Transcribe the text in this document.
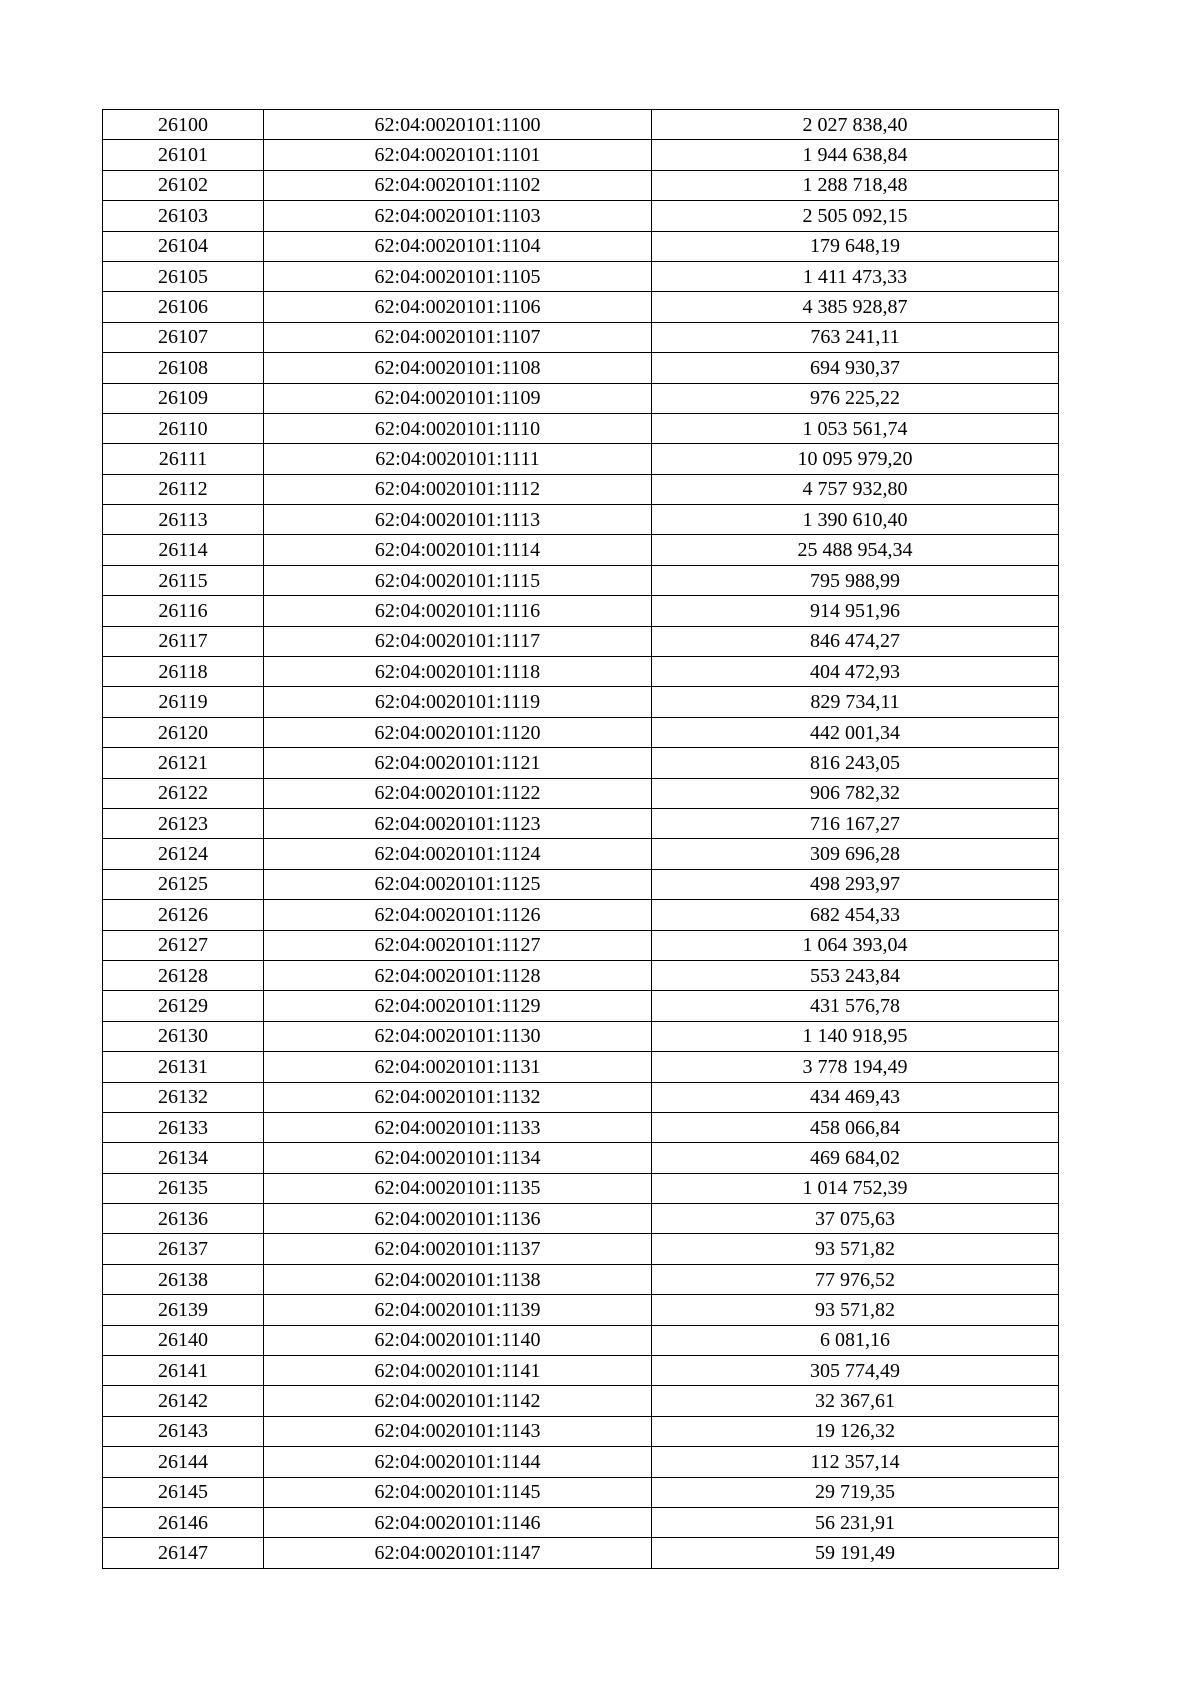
26100	62:04:0020101:1100	2 027 838,40
26101	62:04:0020101:1101	1 944 638,84
26102	62:04:0020101:1102	1 288 718,48
26103	62:04:0020101:1103	2 505 092,15
26104	62:04:0020101:1104	179 648,19
26105	62:04:0020101:1105	1 411 473,33
26106	62:04:0020101:1106	4 385 928,87
26107	62:04:0020101:1107	763 241,11
26108	62:04:0020101:1108	694 930,37
26109	62:04:0020101:1109	976 225,22
26110	62:04:0020101:1110	1 053 561,74
26111	62:04:0020101:1111	10 095 979,20
26112	62:04:0020101:1112	4 757 932,80
26113	62:04:0020101:1113	1 390 610,40
26114	62:04:0020101:1114	25 488 954,34
26115	62:04:0020101:1115	795 988,99
26116	62:04:0020101:1116	914 951,96
26117	62:04:0020101:1117	846 474,27
26118	62:04:0020101:1118	404 472,93
26119	62:04:0020101:1119	829 734,11
26120	62:04:0020101:1120	442 001,34
26121	62:04:0020101:1121	816 243,05
26122	62:04:0020101:1122	906 782,32
26123	62:04:0020101:1123	716 167,27
26124	62:04:0020101:1124	309 696,28
26125	62:04:0020101:1125	498 293,97
26126	62:04:0020101:1126	682 454,33
26127	62:04:0020101:1127	1 064 393,04
26128	62:04:0020101:1128	553 243,84
26129	62:04:0020101:1129	431 576,78
26130	62:04:0020101:1130	1 140 918,95
26131	62:04:0020101:1131	3 778 194,49
26132	62:04:0020101:1132	434 469,43
26133	62:04:0020101:1133	458 066,84
26134	62:04:0020101:1134	469 684,02
26135	62:04:0020101:1135	1 014 752,39
26136	62:04:0020101:1136	37 075,63
26137	62:04:0020101:1137	93 571,82
26138	62:04:0020101:1138	77 976,52
26139	62:04:0020101:1139	93 571,82
26140	62:04:0020101:1140	6 081,16
26141	62:04:0020101:1141	305 774,49
26142	62:04:0020101:1142	32 367,61
26143	62:04:0020101:1143	19 126,32
26144	62:04:0020101:1144	112 357,14
26145	62:04:0020101:1145	29 719,35
26146	62:04:0020101:1146	56 231,91
26147	62:04:0020101:1147	59 191,49
